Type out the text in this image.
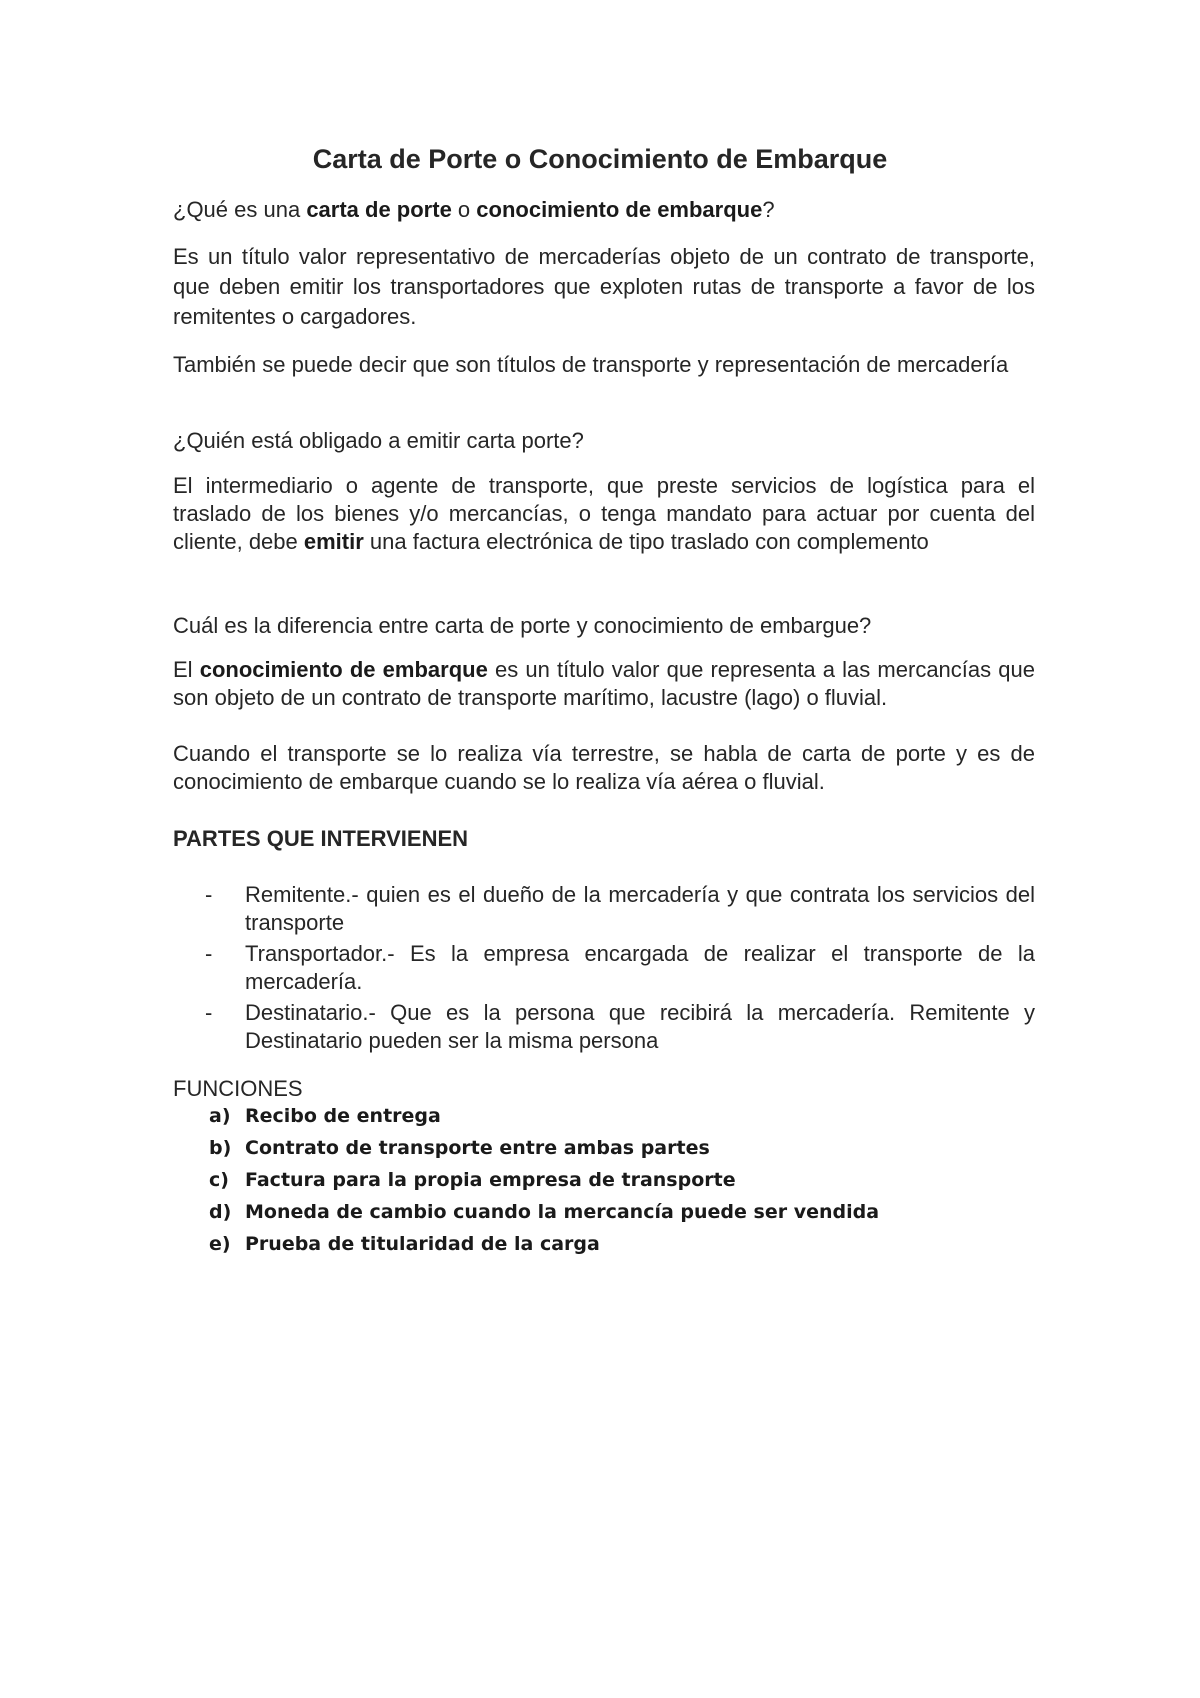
Carta de Porte o Conocimiento de Embarque

¿Qué es una carta de porte o conocimiento de embarque?

Es un título valor representativo de mercaderías objeto de un contrato de transporte, que deben emitir los transportadores que exploten rutas de transporte a favor de los remitentes o cargadores.

También se puede decir que son títulos de transporte y representación de mercadería

¿Quién está obligado a emitir carta porte?

El intermediario o agente de transporte, que preste servicios de logística para el traslado de los bienes y/o mercancías, o tenga mandato para actuar por cuenta del cliente, debe emitir una factura electrónica de tipo traslado con complemento

Cuál es la diferencia entre carta de porte y conocimiento de embargue?

El conocimiento de embarque es un título valor que representa a las mercancías que son objeto de un contrato de transporte marítimo, lacustre (lago) o fluvial.

Cuando el transporte se lo realiza vía terrestre, se habla de carta de porte y es de conocimiento de embarque cuando se lo realiza vía aérea o fluvial.

PARTES QUE INTERVIENEN

- Remitente.- quien es el dueño de la mercadería y que contrata los servicios del transporte
- Transportador.- Es la empresa encargada de realizar el transporte de la mercadería.
- Destinatario.- Que es la persona que recibirá la mercadería. Remitente y Destinatario pueden ser la misma persona

FUNCIONES

a) Recibo de entrega
b) Contrato de transporte entre ambas partes
c) Factura para la propia empresa de transporte
d) Moneda de cambio cuando la mercancía puede ser vendida
e) Prueba de titularidad de la carga
